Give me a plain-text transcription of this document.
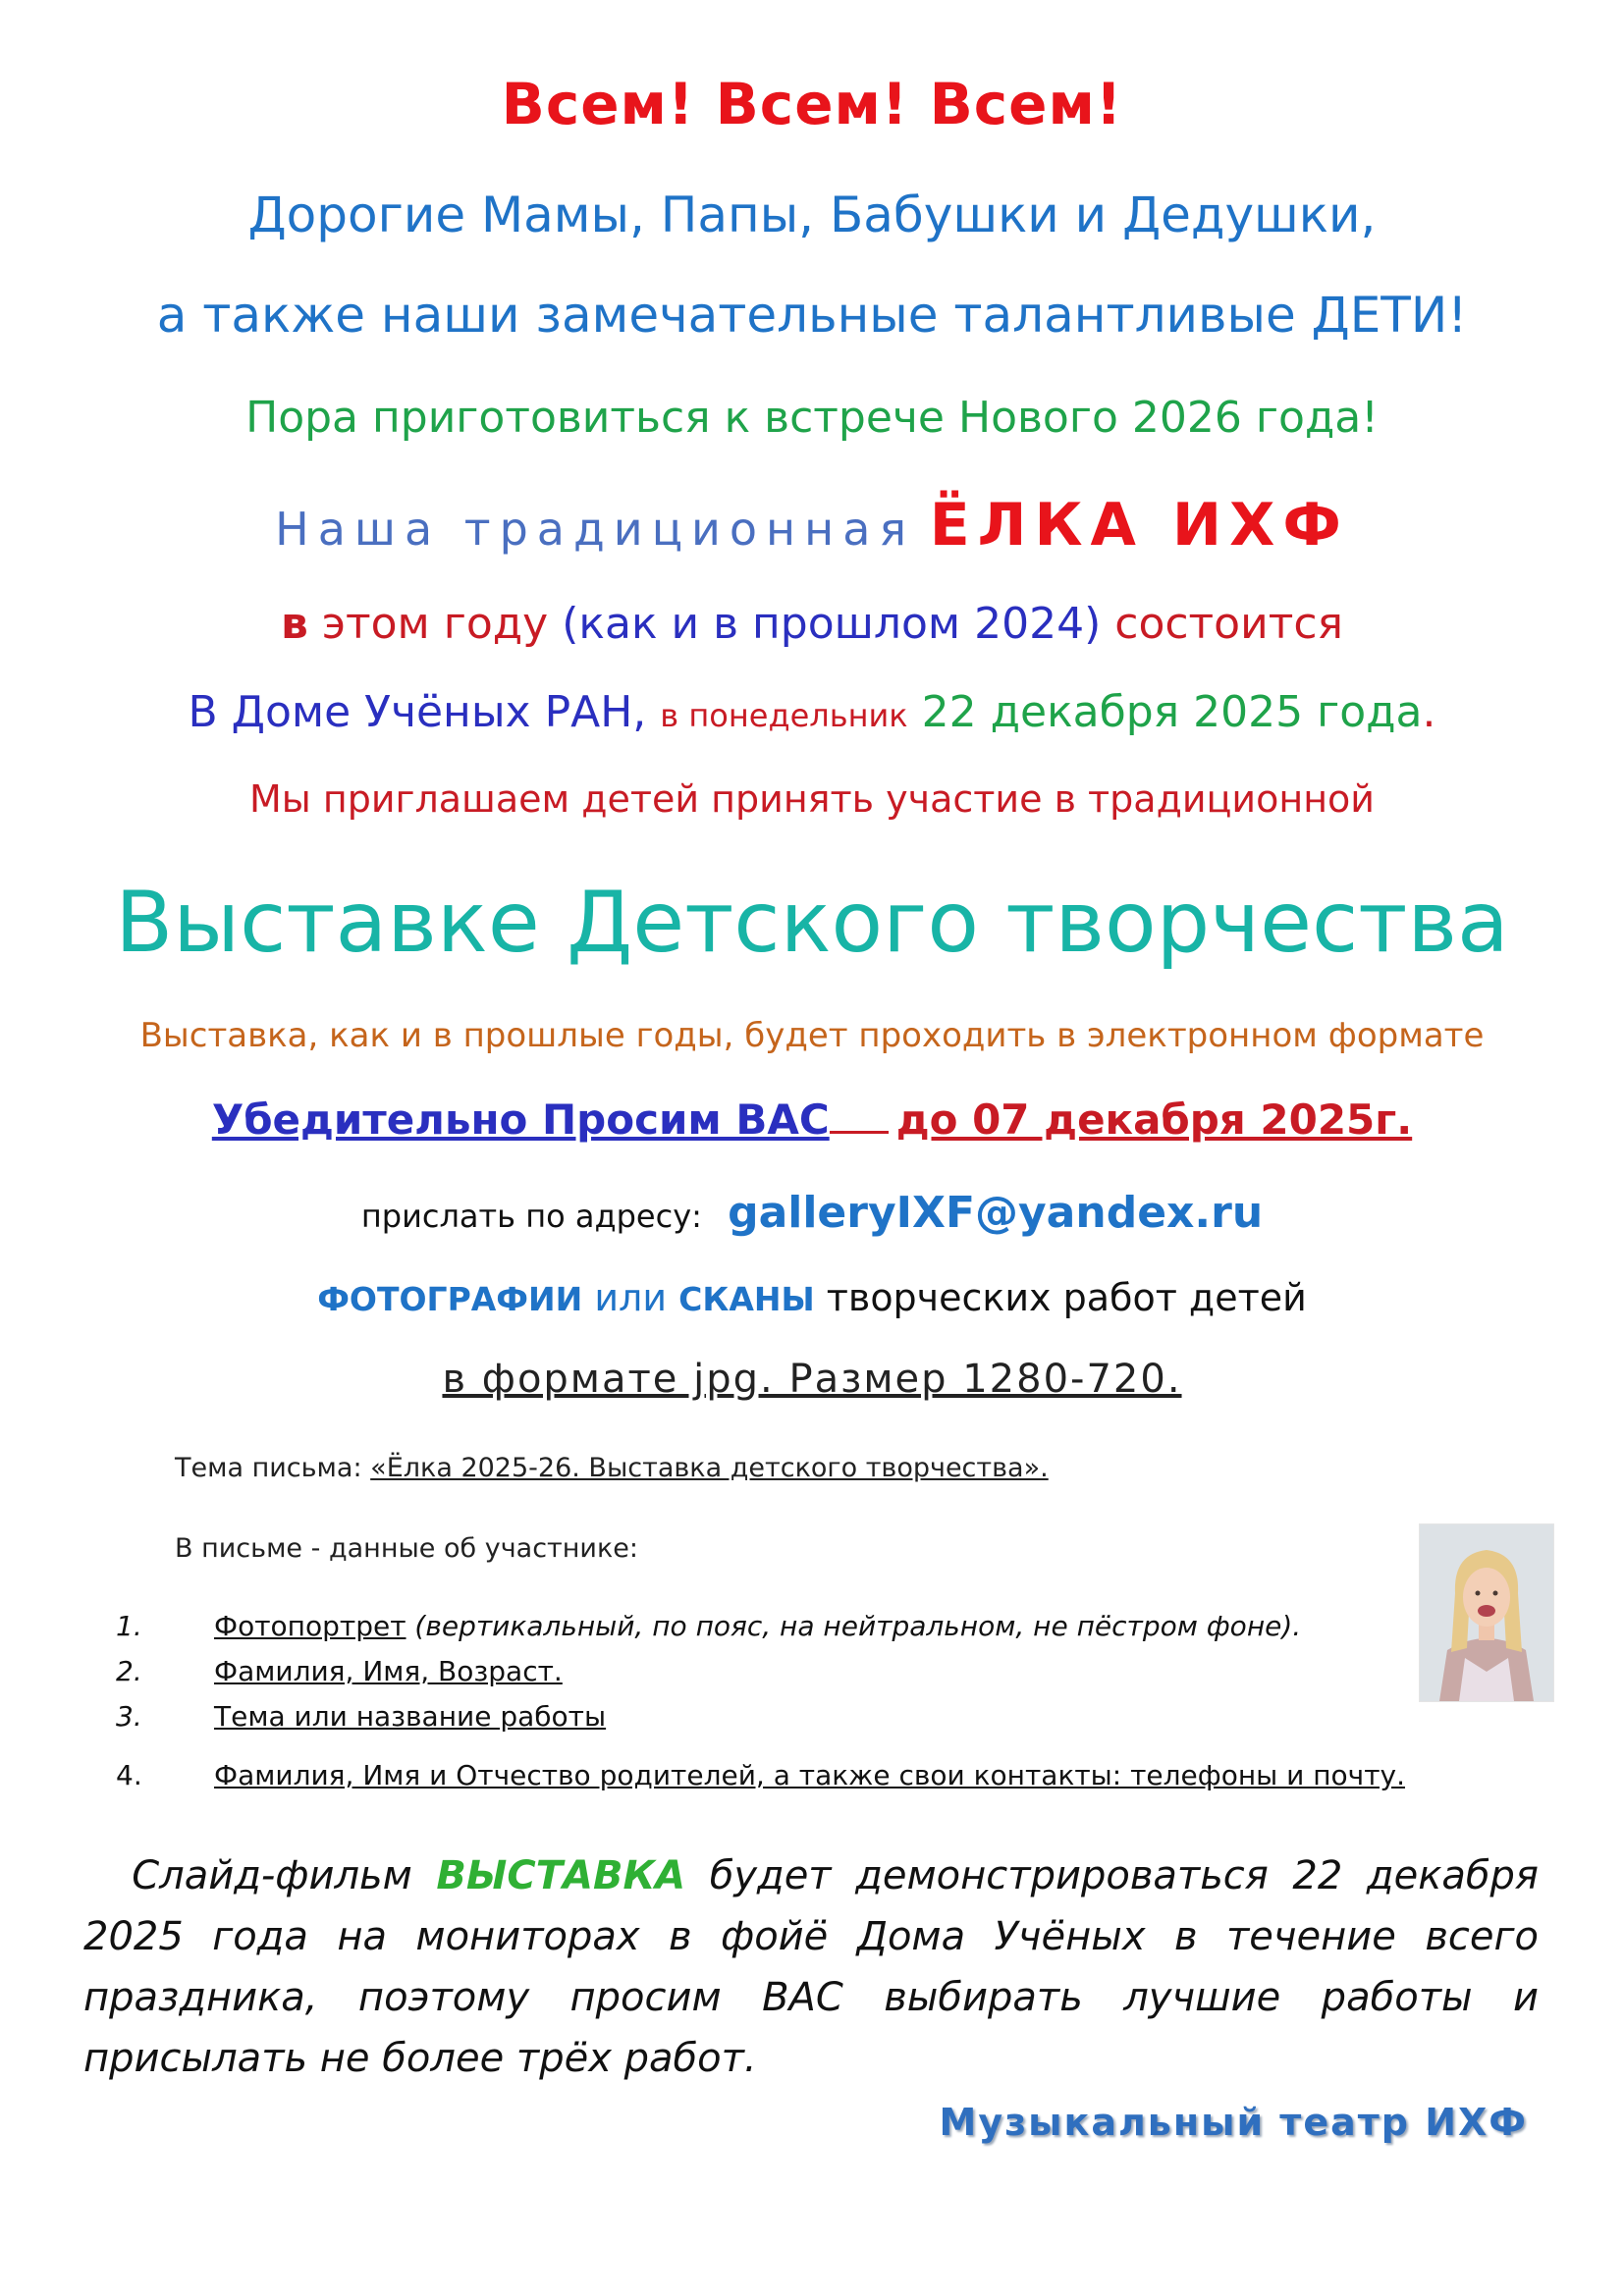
Всем! Всем! Всем!
Дорогие Мамы, Папы, Бабушки и Дедушки,
а также наши замечательные талантливые ДЕТИ!
Пора приготовиться к встрече Нового 2026 года!
Наша традиционная ЁЛКА ИХФ
в этом году (как и в прошлом 2024) состоится
В Доме Учёных РАН, в понедельник 22 декабря 2025 года.
Мы приглашаем детей принять участие в традиционной
Выставке Детского творчества
Выставка, как и в прошлые годы, будет проходить в электронном формате
Убедительно Просим ВАС до 07 декабря 2025г.
прислать по адресу: galleryIXF@yandex.ru
ФОТОГРАФИИ или СКАНЫ творческих работ детей
в формате jpg. Размер 1280-720.
Тема письма: «Ёлка 2025-26. Выставка детского творчества».
В письме - данные об участнике:
1.	Фотопортрет (вертикальный, по пояс, на нейтральном, не пёстром фоне).
2.	Фамилия, Имя, Возраст.
3.	Тема или название работы
4.	Фамилия, Имя и Отчество родителей, а также свои контакты: телефоны и почту.
Слайд-фильм ВЫСТАВКА будет демонстрироваться 22 декабря 2025 года на мониторах в фойё Дома Учёных в течение всего праздника, поэтому просим ВАС выбирать лучшие работы и присылать не более трёх работ.
Музыкальный театр ИХФ
